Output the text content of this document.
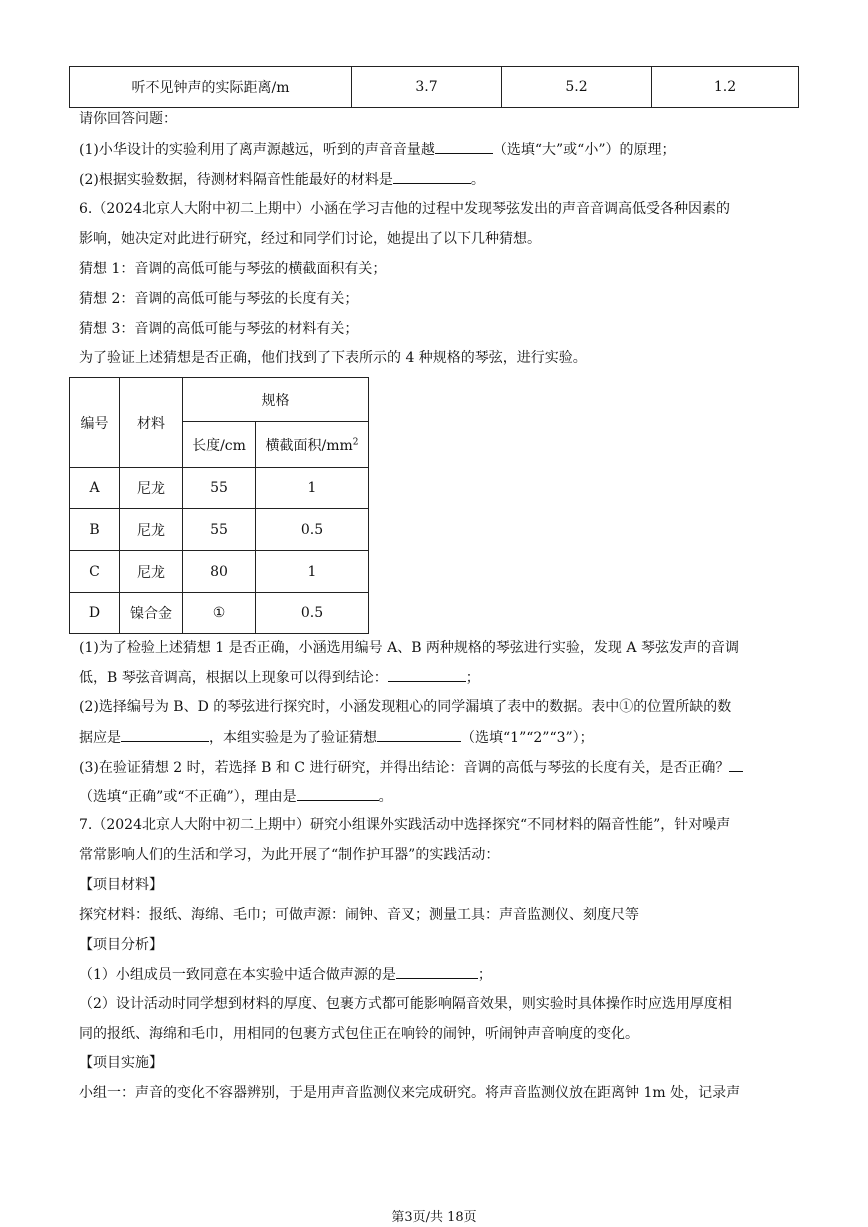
听不见钟声的实际距离/m	3.7	5.2	1.2
请你回答问题：
(1)小华设计的实验利用了离声源越远，听到的声音音量越	（选填“大”或“小”）的原理；
(2)根据实验数据，待测材料隔音性能最好的材料是	。
6.（2024北京人大附中初二上期中）小涵在学习吉他的过程中发现琴弦发出的声音音调高低受各种因素的
影响，她决定对此进行研究，经过和同学们讨论，她提出了以下几种猜想。
猜想 1：音调的高低可能与琴弦的横截面积有关；
猜想 2：音调的高低可能与琴弦的长度有关；
猜想 3：音调的高低可能与琴弦的材料有关；
为了验证上述猜想是否正确，他们找到了下表所示的 4 种规格的琴弦，进行实验。
编号	材料	规格	
		长度/cm	横截面积$/mm^2$
A	尼龙	55	1
B	尼龙	55	0.5
C	尼龙	80	1
D	镍合金	①	0.5
(1)为了检验上述猜想 1 是否正确，小涵选用编号 A、B 两种规格的琴弦进行实验，发现 A 琴弦发声的音调
低，B 琴弦音调高，根据以上现象可以得到结论：	；
(2)选择编号为 B、D 的琴弦进行探究时，小涵发现粗心的同学漏填了表中的数据。表中①的位置所缺的数
据应是	，本组实验是为了验证猜想	（选填“1”“2”“3”）；
(3)在验证猜想 2 时，若选择 B 和 C 进行研究，并得出结论：音调的高低与琴弦的长度有关，是否正确？
（选填“正确”或“不正确”），理由是	。
7.（2024北京人大附中初二上期中）研究小组课外实践活动中选择探究“不同材料的隔音性能”，针对噪声
常常影响人们的生活和学习，为此开展了“制作护耳器”的实践活动：
【项目材料】
探究材料：报纸、海绵、毛巾；可做声源：闹钟、音叉；测量工具：声音监测仪、刻度尺等
【项目分析】
（1）小组成员一致同意在本实验中适合做声源的是	；
（2）设计活动时同学想到材料的厚度、包裹方式都可能影响隔音效果，则实验时具体操作时应选用厚度相
同的报纸、海绵和毛巾，用相同的包裹方式包住正在响铃的闹钟，听闹钟声音响度的变化。
【项目实施】
小组一：声音的变化不容器辨别，于是用声音监测仪来完成研究。将声音监测仪放在距离钟 1m 处，记录声
第3页/共 18页
